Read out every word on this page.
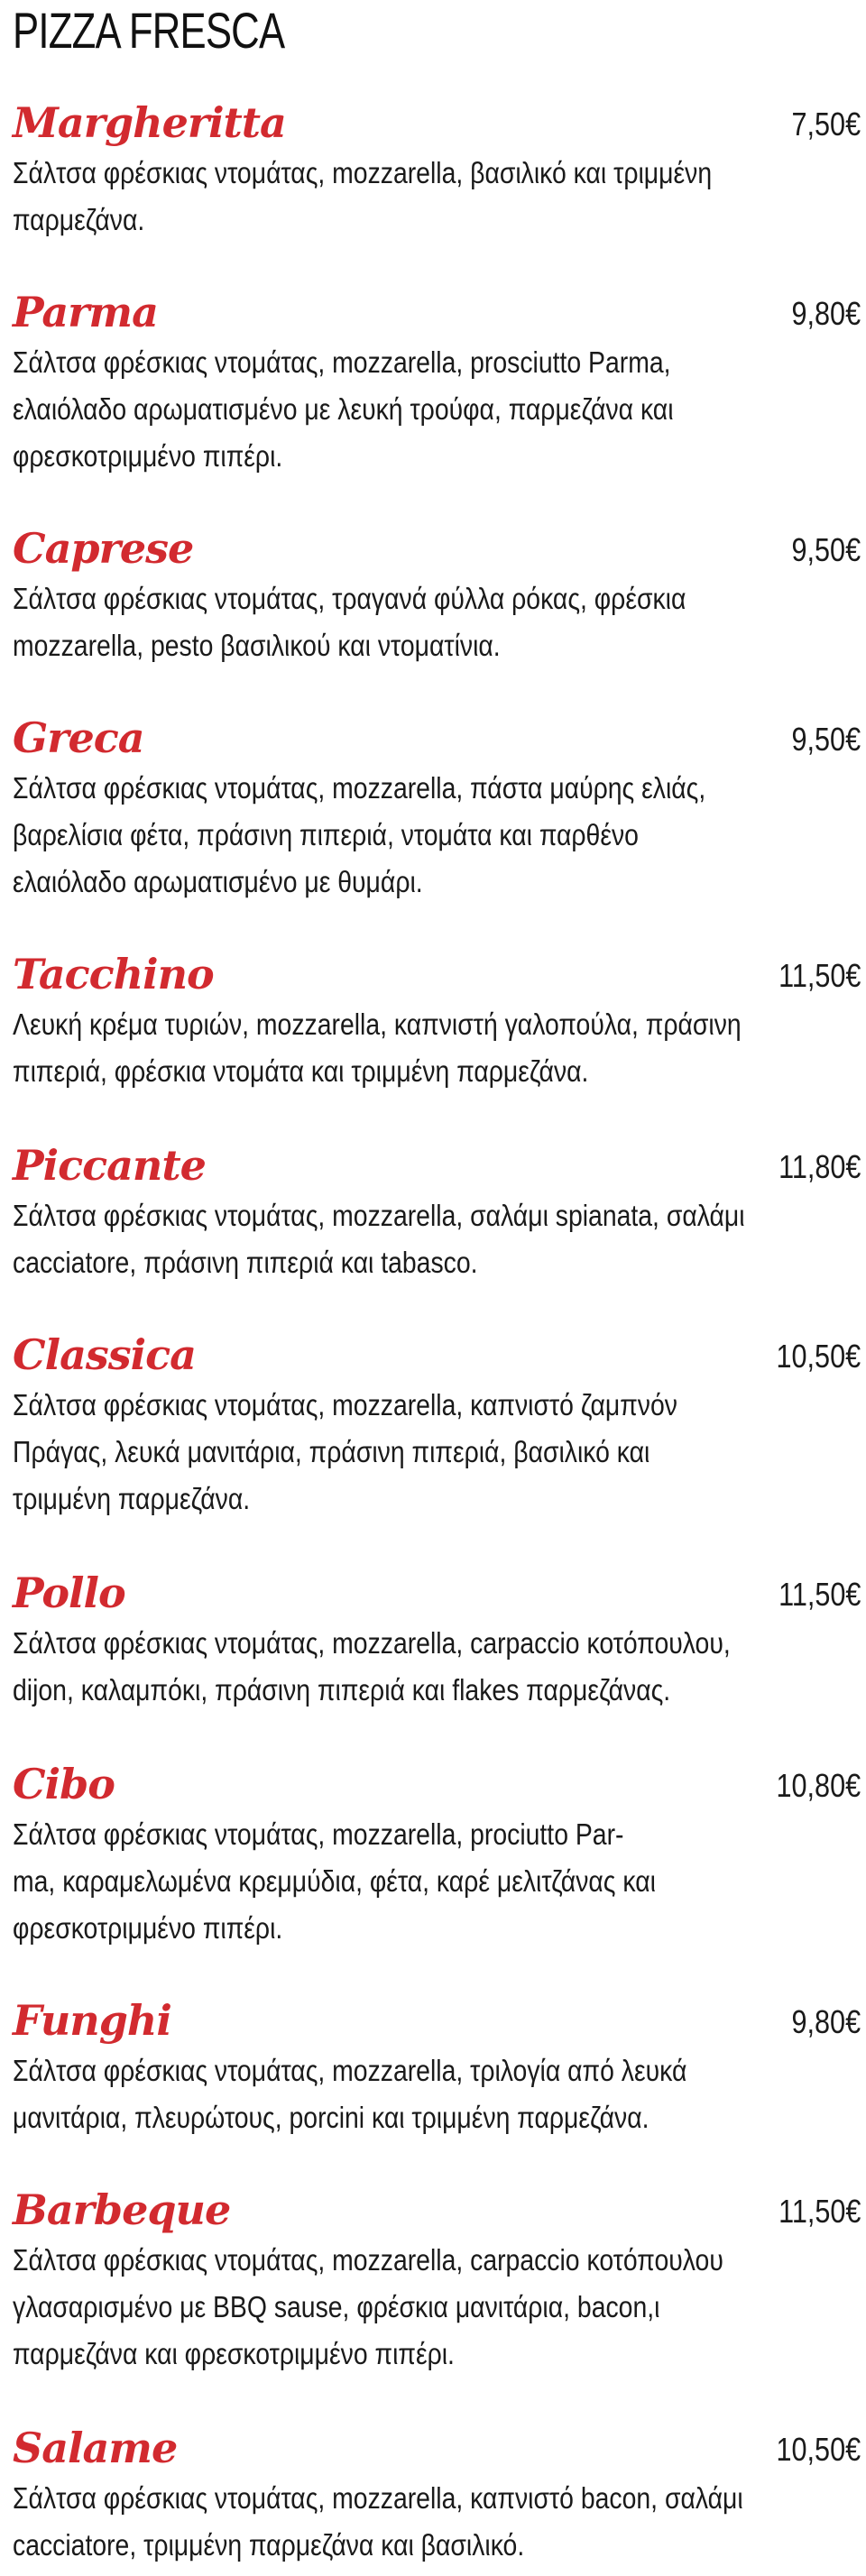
PIZZA FRESCA
Margheritta	7,50€
Σάλτσα φρέσκιας ντομάτας, mozzarella, βασιλικό και τριμμένη
παρμεζάνα.
Parma	9,80€
Σάλτσα φρέσκιας ντομάτας, mozzarella, prosciutto Parma,
ελαιόλαδο αρωματισμένο με λευκή τρούφα, παρμεζάνα και
φρεσκοτριμμένο πιπέρι.
Caprese	9,50€
Σάλτσα φρέσκιας ντομάτας, τραγανά φύλλα ρόκας, φρέσκια
mozzarella, pesto βασιλικού και ντοματίνια.
Greca	9,50€
Σάλτσα φρέσκιας ντομάτας, mozzarella, πάστα μαύρης ελιάς,
βαρελίσια φέτα, πράσινη πιπεριά, ντομάτα και παρθένο
ελαιόλαδο αρωματισμένο με θυμάρι.
Tacchino	11,50€
Λευκή κρέμα τυριών, mozzarella, καπνιστή γαλοπούλα, πράσινη
πιπεριά, φρέσκια ντομάτα και τριμμένη παρμεζάνα.
Piccante	11,80€
Σάλτσα φρέσκιας ντομάτας, mozzarella, σαλάμι spianata, σαλάμι
cacciatore, πράσινη πιπεριά και tabasco.
Classica	10,50€
Σάλτσα φρέσκιας ντομάτας, mozzarella, καπνιστό ζαμπνόν
Πράγας, λευκά μανιτάρια, πράσινη πιπεριά, βασιλικό και
τριμμένη παρμεζάνα.
Pollo	11,50€
Σάλτσα φρέσκιας ντομάτας, mozzarella, carpaccio κοτόπουλου,
dijon, καλαμπόκι, πράσινη πιπεριά και flakes παρμεζάνας.
Cibo	10,80€
Σάλτσα φρέσκιας ντομάτας, mozzarella, prociutto Par-
ma, καραμελωμένα κρεμμύδια, φέτα, καρέ μελιτζάνας και
φρεσκοτριμμένο πιπέρι.
Funghi	9,80€
Σάλτσα φρέσκιας ντομάτας, mozzarella, τριλογία από λευκά
μανιτάρια, πλευρώτους, porcini και τριμμένη παρμεζάνα.
Barbeque	11,50€
Σάλτσα φρέσκιας ντομάτας, mozzarella, carpaccio κοτόπουλου
γλασαρισμένο με BBQ sause, φρέσκια μανιτάρια, bacon,ι
παρμεζάνα και φρεσκοτριμμένο πιπέρι.
Salame	10,50€
Σάλτσα φρέσκιας ντομάτας, mozzarella, καπνιστό bacon, σαλάμι
cacciatore, τριμμένη παρμεζάνα και βασιλικό.
